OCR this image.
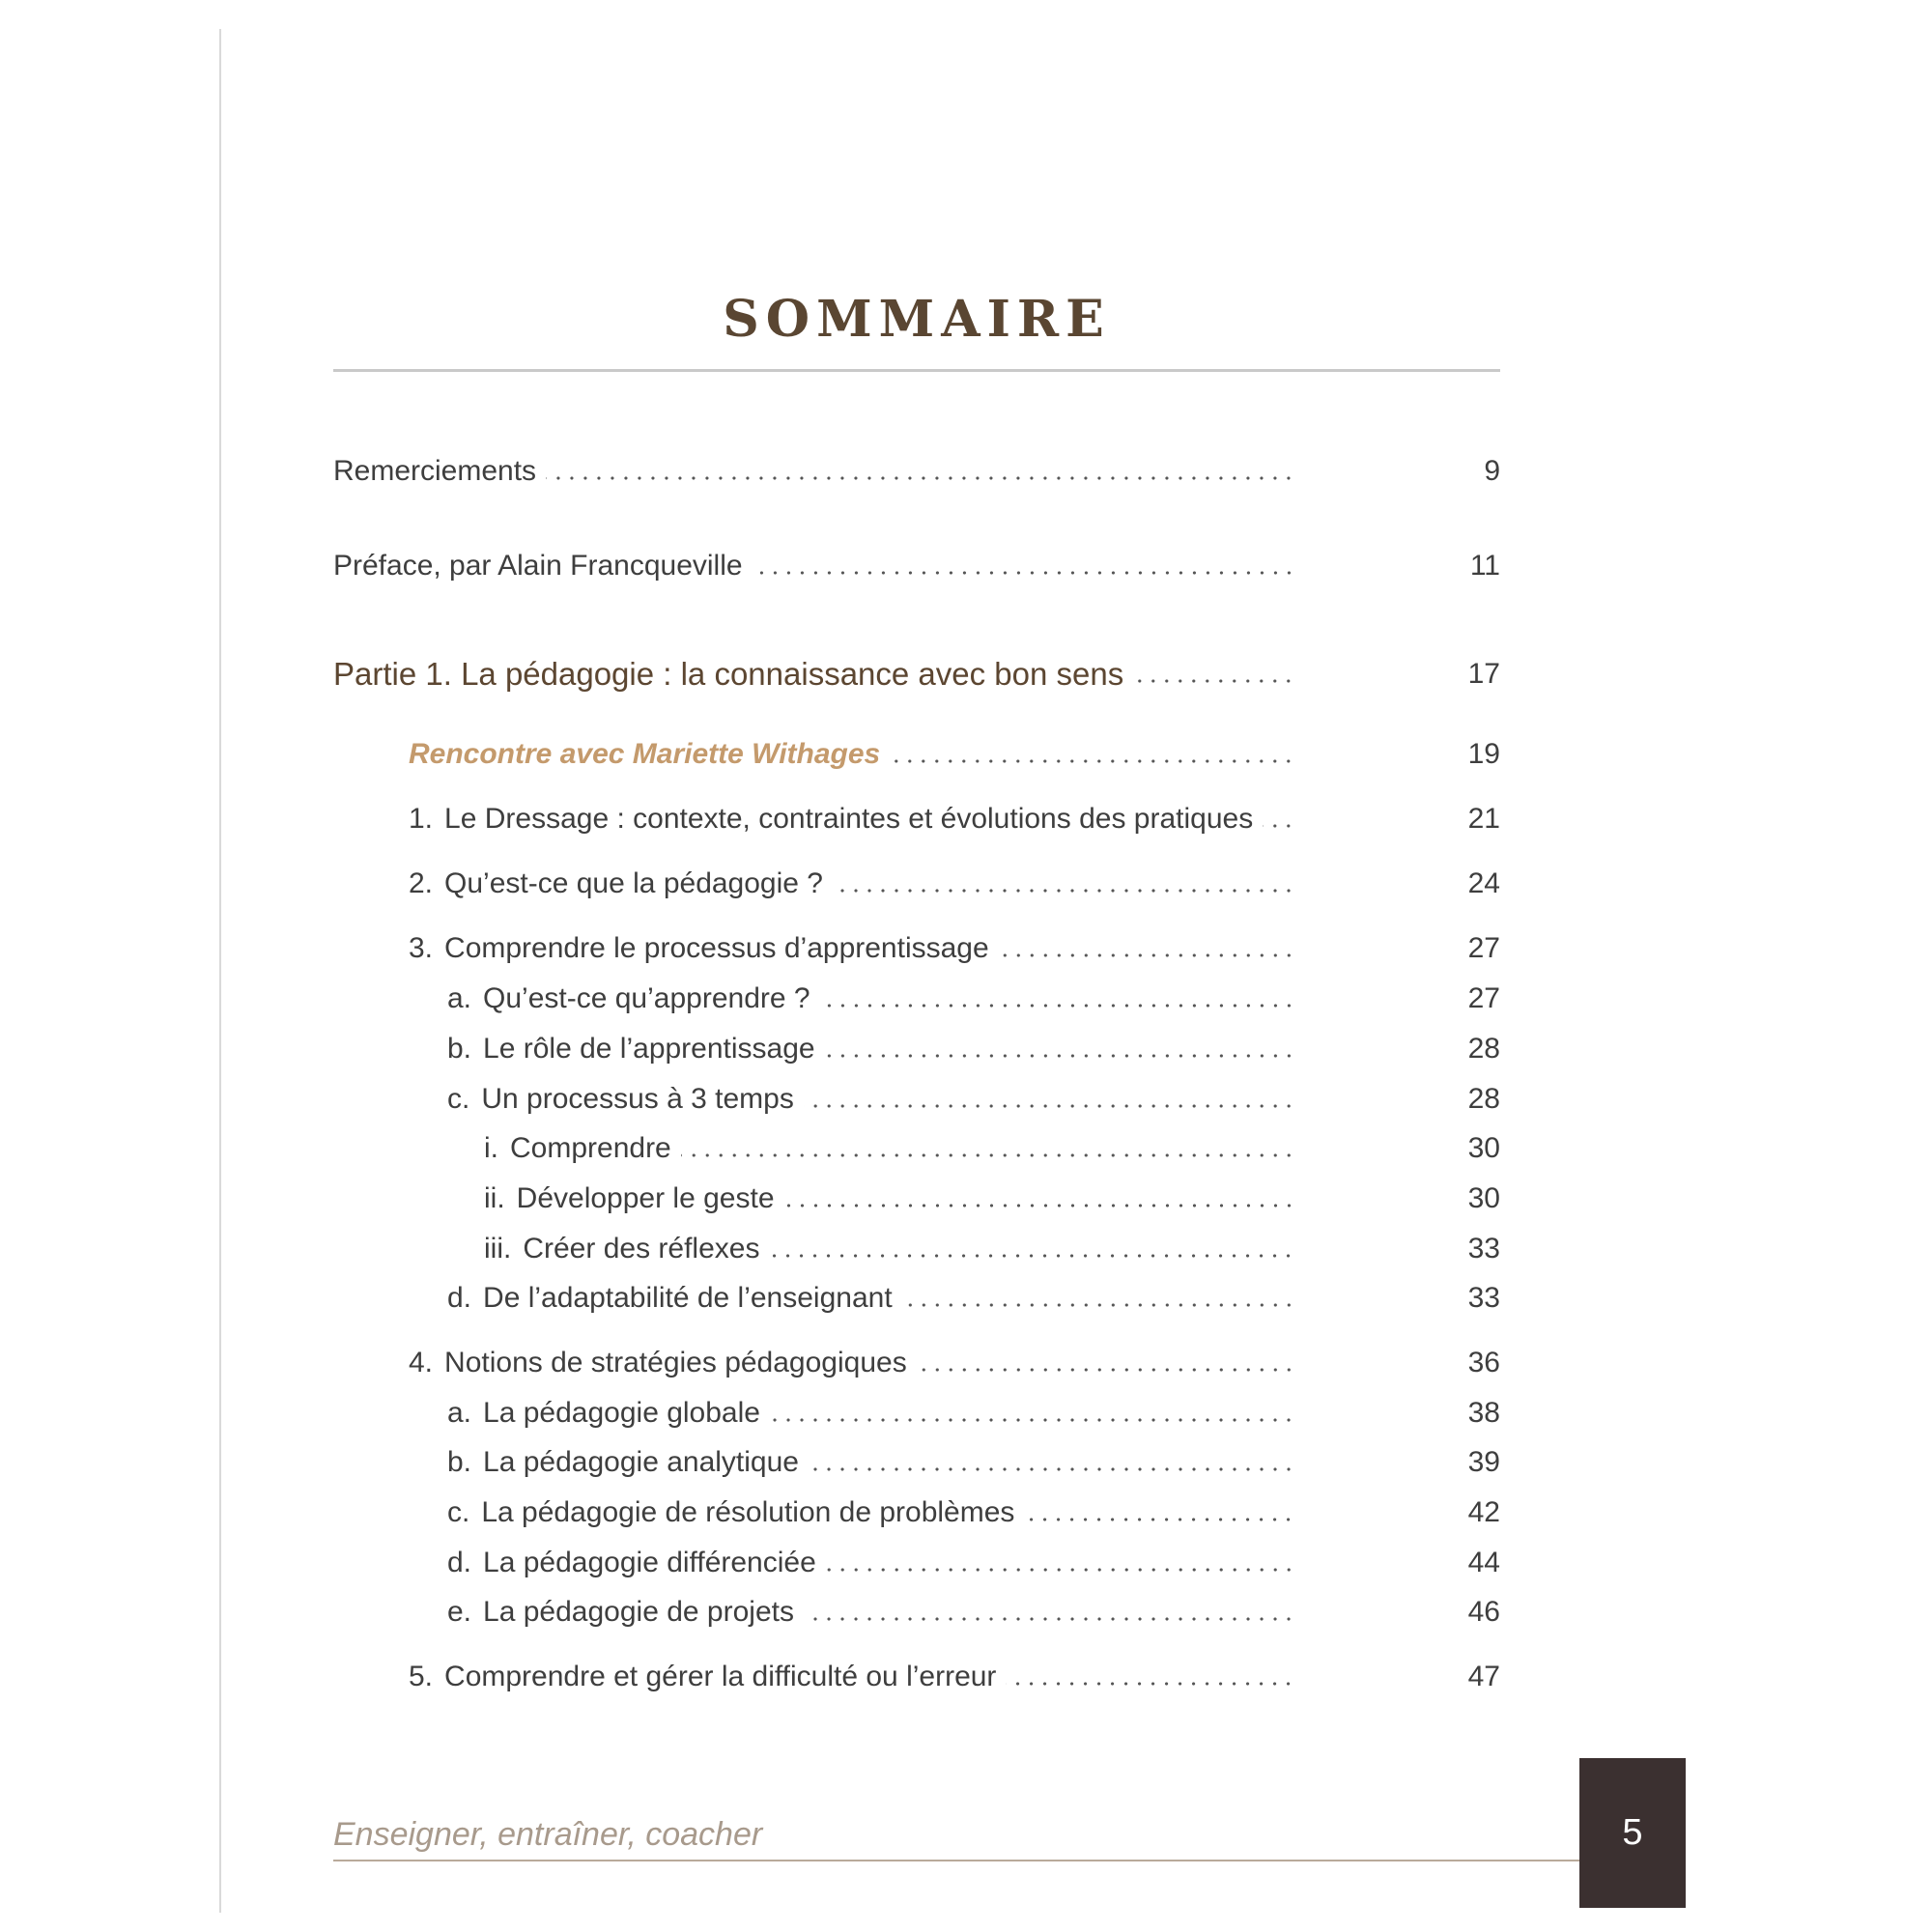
SOMMAIRE
Remerciements	9
Préface, par Alain Francqueville	11
Partie 1. La pédagogie : la connaissance avec bon sens	17
Rencontre avec Mariette Withages	19
1. Le Dressage : contexte, contraintes et évolutions des pratiques	21
2. Qu’est-ce que la pédagogie ?	24
3. Comprendre le processus d’apprentissage	27
a. Qu’est-ce qu’apprendre ?	27
b. Le rôle de l’apprentissage	28
c. Un processus à 3 temps	28
i. Comprendre	30
ii. Développer le geste	30
iii. Créer des réflexes	33
d. De l’adaptabilité de l’enseignant	33
4. Notions de stratégies pédagogiques	36
a. La pédagogie globale	38
b. La pédagogie analytique	39
c. La pédagogie de résolution de problèmes	42
d. La pédagogie différenciée	44
e. La pédagogie de projets	46
5. Comprendre et gérer la difficulté ou l’erreur	47
Enseigner, entraîner, coacher	5
